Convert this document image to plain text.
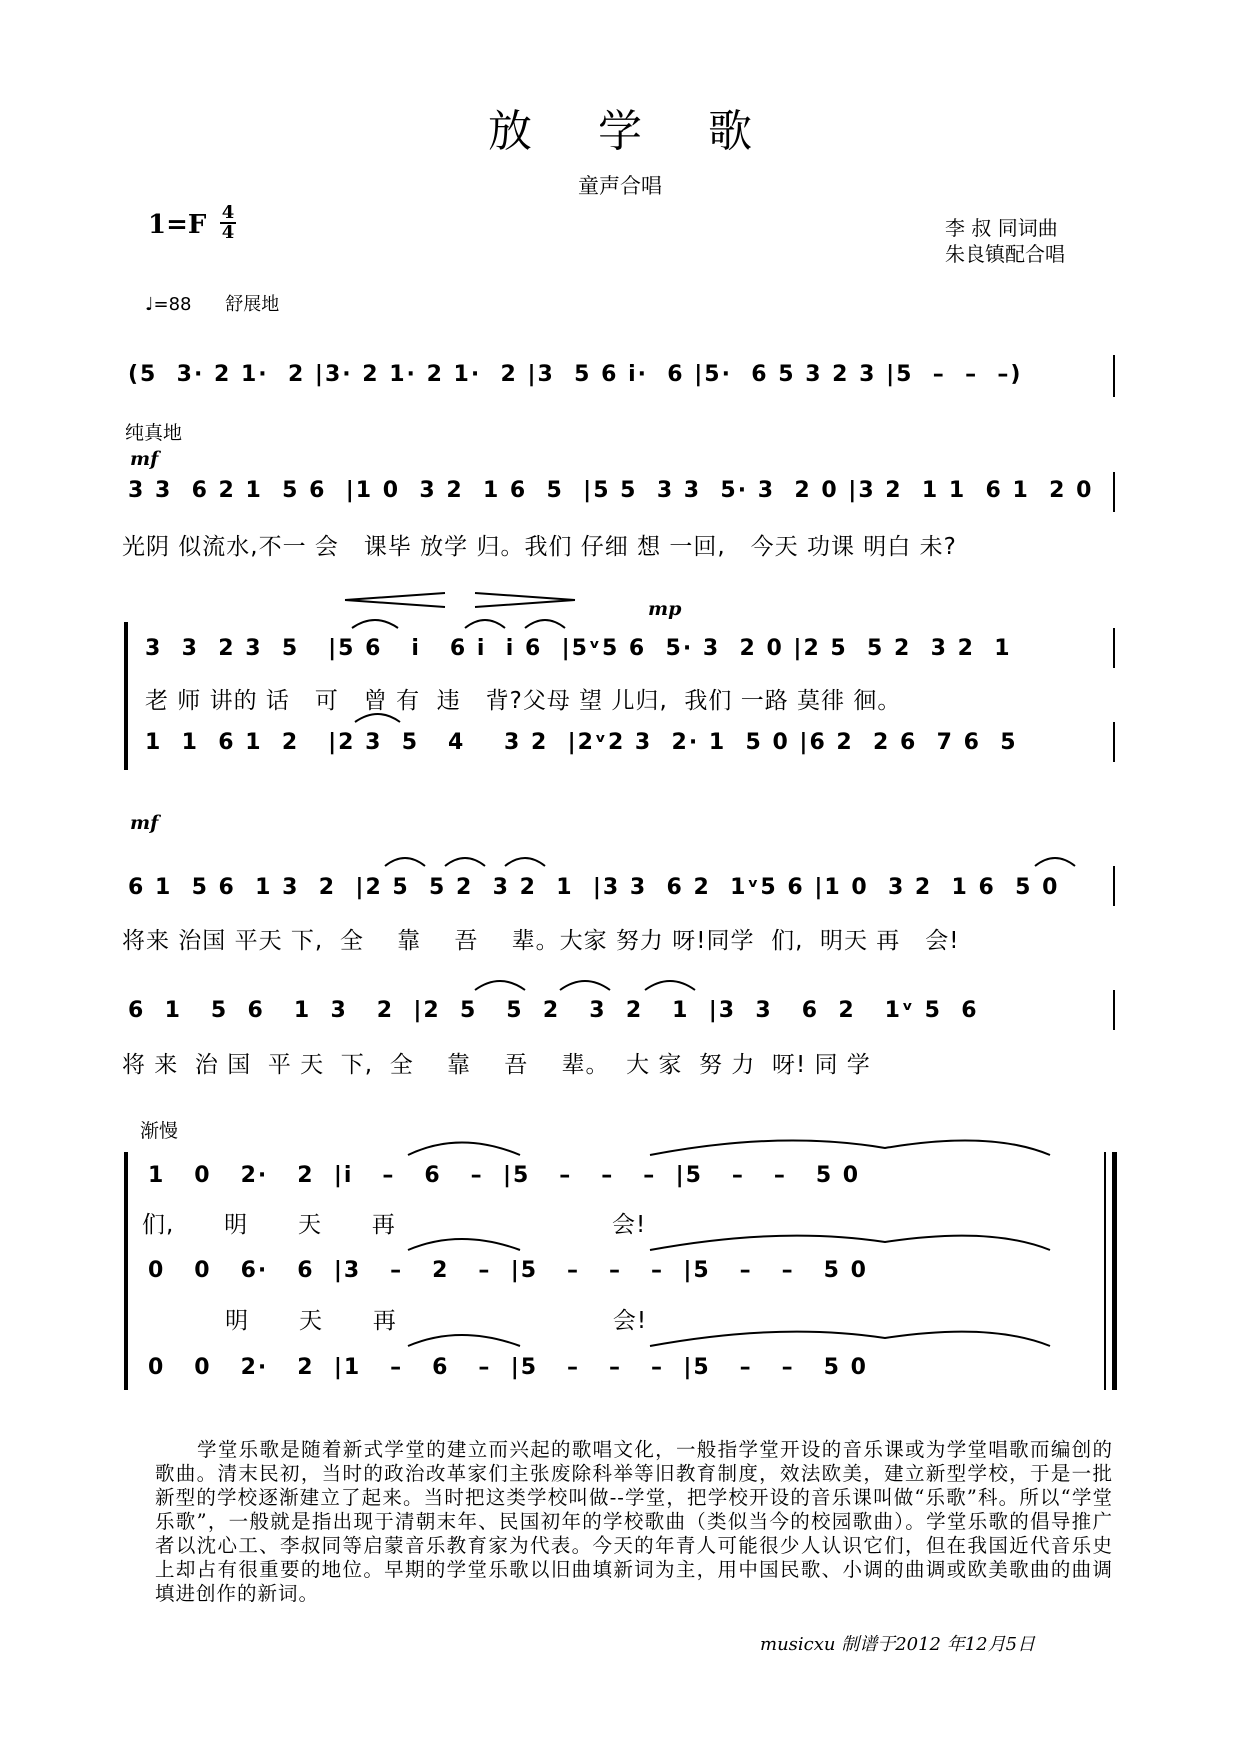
放学歌
童声合唱
1=F 4
4	李 叔 同词曲
朱良镇配合唱
♩=88 舒展地
(5  3· 2 1·  2 |3· 2 1· 2 1·  2 |3  5 6 i·  6 |5·  6 5 3 2 3 |5  –  –  –)
纯真地
mf
3 3  6 2 1  5 6  |1 0  3 2  1 6  5  |5 5  3 3  5· 3  2 0 |3 2  1 1  6 1  2 0
光阴 似流水,不一 会   课毕 放学 归。我们 仔细 想 一回,   今天 功课 明白 未?
mp
3  3  2 3  5   |5 6   i   6 i  i 6  |5ᵛ5 6  5· 3  2 0 |2 5  5 2  3 2  1
老 师 讲的 话   可   曾 有  违   背?父母 望 儿归,  我们 一路 莫徘 徊。
1  1  6 1  2   |2 3  5   4    3 2  |2ᵛ2 3  2· 1  5 0 |6 2  2 6  7 6  5
mf
6 1  5 6  1 3  2  |2 5  5 2  3 2  1  |3 3  6 2  1ᵛ5 6 |1 0  3 2  1 6  5 0
将来 治国 平天 下,  全    靠    吾    辈。大家 努力 呀!同学  们,  明天 再   会!
6  1   5  6   1  3   2  |2  5   5  2   3  2   1  |3  3   6  2   1ᵛ 5  6
将 来  治 国  平 天  下,  全    靠    吾    辈。  大 家  努 力  呀! 同 学
渐慢
1   0   2·   2  |i   –   6   –  |5   –   –   –  |5   –   –   5 0
们,      明      天      再                          会!
0   0   6·   6  |3   –   2   –  |5   –   –   –  |5   –   –   5 0
明      天      再                          会!
0   0   2·   2  |1   –   6   –  |5   –   –   –  |5   –   –   5 0
学堂乐歌是随着新式学堂的建立而兴起的歌唱文化，一般指学堂开设的音乐课或为学堂唱歌而编创的歌曲。清末民初，当时的政治改革家们主张废除科举等旧教育制度，效法欧美，建立新型学校，于是一批新型的学校逐渐建立了起来。当时把这类学校叫做--学堂，把学校开设的音乐课叫做“乐歌”科。所以“学堂乐歌”，一般就是指出现于清朝末年、民国初年的学校歌曲（类似当今的校园歌曲）。学堂乐歌的倡导推广者以沈心工、李叔同等启蒙音乐教育家为代表。今天的年青人可能很少人认识它们，但在我国近代音乐史上却占有很重要的地位。早期的学堂乐歌以旧曲填新词为主，用中国民歌、小调的曲调或欧美歌曲的曲调填进创作的新词。
musicxu 制谱于2012 年12月5日
